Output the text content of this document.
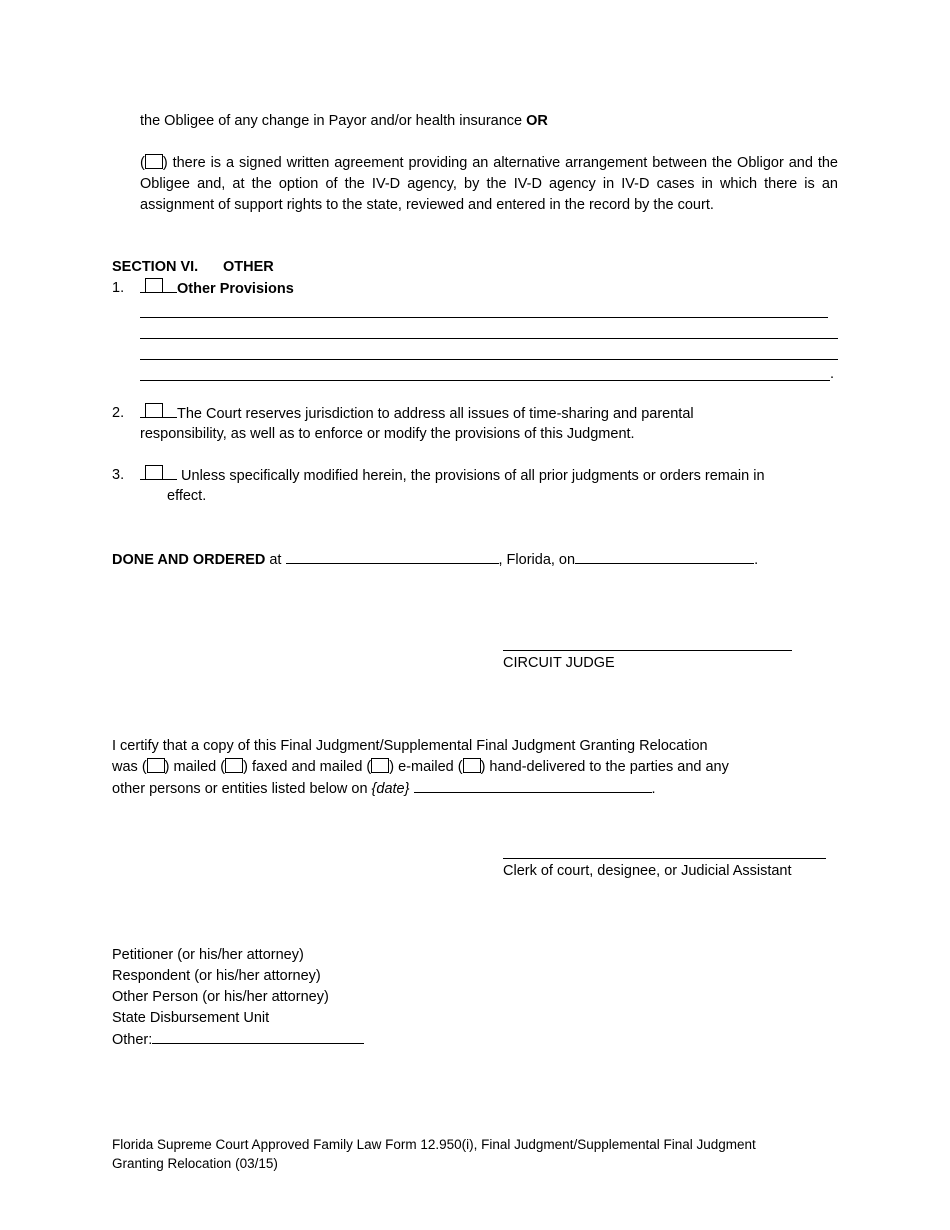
the Obligee of any change in Payor and/or health insurance OR
( ) there is a signed written agreement providing an alternative arrangement between the Obligor and the Obligee and, at the option of the IV-D agency, by the IV-D agency in IV-D cases in which there is an assignment of support rights to the state, reviewed and entered in the record by the court.
SECTION VI. OTHER
1.	Other Provisions
.
2.	The Court reserves jurisdiction to address all issues of time-sharing and parental
responsibility, as well as to enforce or modify the provisions of this Judgment.
3.	Unless specifically modified herein, the provisions of all prior judgments or orders remain in
effect.
DONE AND ORDERED at	, Florida, on	.
CIRCUIT JUDGE
I certify that a copy of this Final Judgment/Supplemental Final Judgment Granting Relocation
was ( ) mailed ( ) faxed and mailed ( ) e-mailed ( ) hand-delivered to the parties and any
other persons or entities listed below on {date}	.
Clerk of court, designee, or Judicial Assistant
Petitioner (or his/her attorney)
Respondent (or his/her attorney)
Other Person (or his/her attorney)
State Disbursement Unit
Other:
Florida Supreme Court Approved Family Law Form 12.950(i), Final Judgment/Supplemental Final Judgment
Granting Relocation (03/15)
